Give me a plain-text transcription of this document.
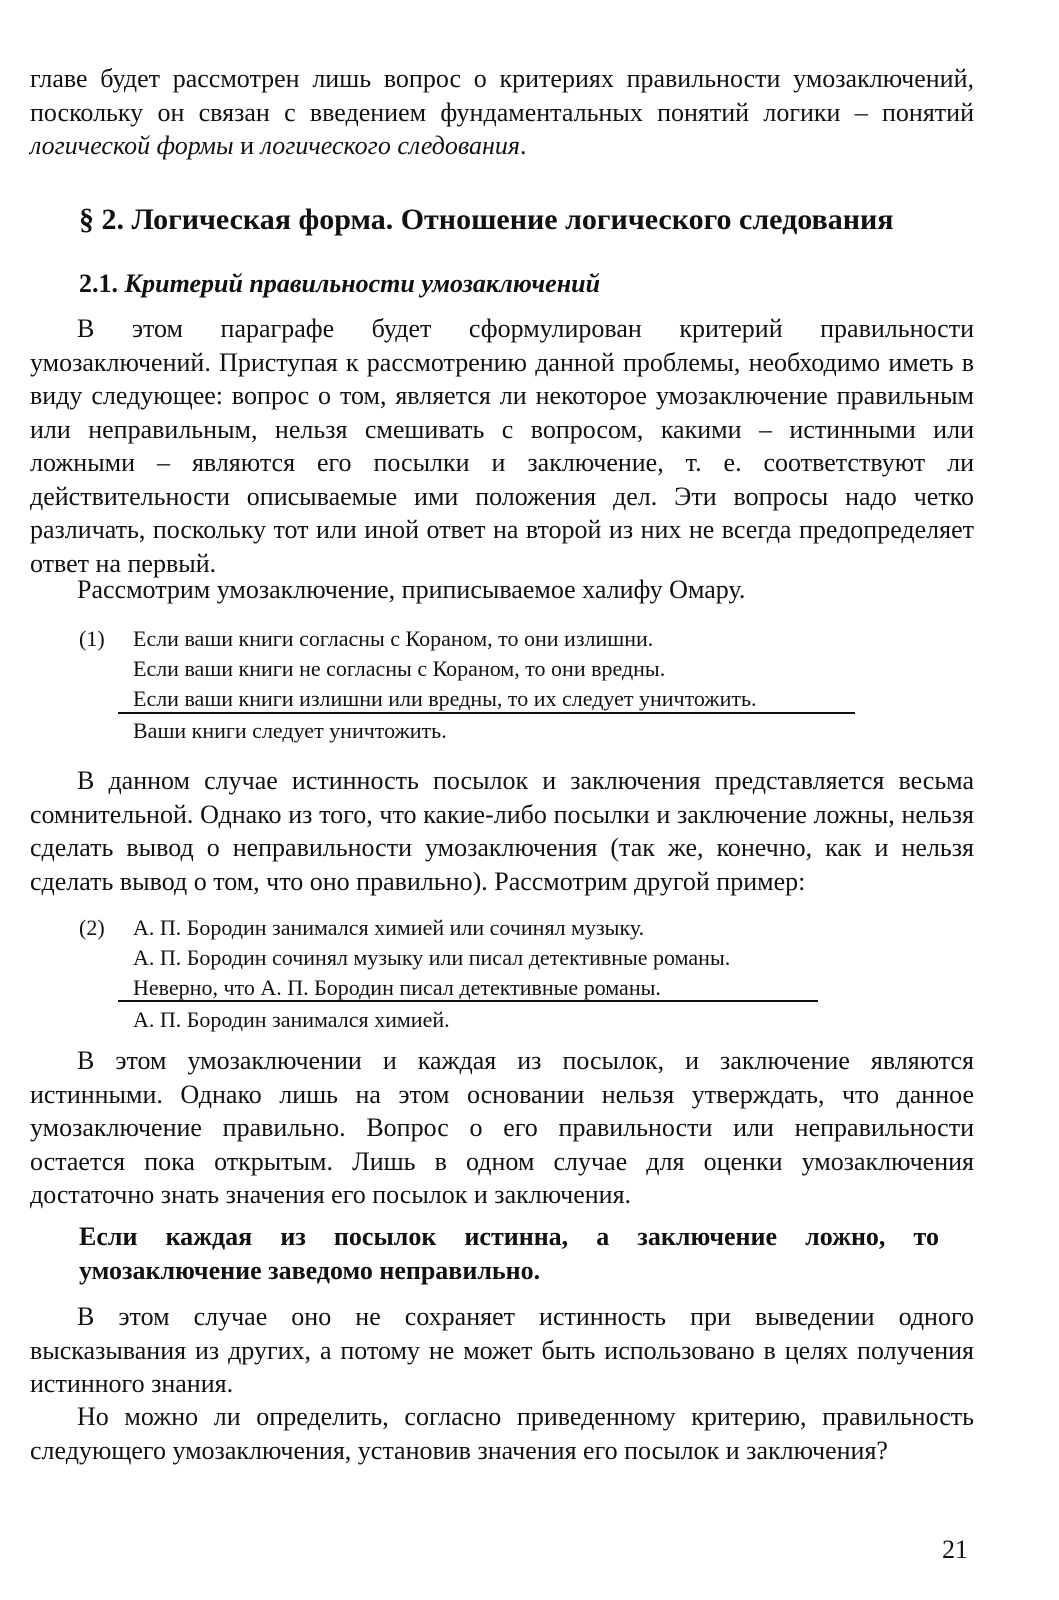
главе будет рассмотрен лишь вопрос о критериях правильности умозаключений, поскольку он связан с введением фундаментальных понятий логики – понятий логической формы и логического следования.
§ 2. Логическая форма. Отношение логического следования
2.1. Критерий правильности умозаключений
В этом параграфе будет сформулирован критерий правильности умозаключений. Приступая к рассмотрению данной проблемы, необходимо иметь в виду следующее: вопрос о том, является ли некоторое умозаключение правильным или неправильным, нельзя смешивать с вопросом, какими – истинными или ложными – являются его посылки и заключение, т. е. соответствуют ли действительности описываемые ими положения дел. Эти вопросы надо четко различать, поскольку тот или иной ответ на второй из них не всегда предопределяет ответ на первый.
Рассмотрим умозаключение, приписываемое халифу Омару.
(1) Если ваши книги согласны с Кораном, то они излишни.
Если ваши книги не согласны с Кораном, то они вредны.
Если ваши книги излишни или вредны, то их следует уничтожить.
Ваши книги следует уничтожить.
В данном случае истинность посылок и заключения представляется весьма сомнительной. Однако из того, что какие-либо посылки и заключение ложны, нельзя сделать вывод о неправильности умозаключения (так же, конечно, как и нельзя сделать вывод о том, что оно правильно). Рассмотрим другой пример:
(2) А. П. Бородин занимался химией или сочинял музыку.
А. П. Бородин сочинял музыку или писал детективные романы.
Неверно, что А. П. Бородин писал детективные романы.
А. П. Бородин занимался химией.
В этом умозаключении и каждая из посылок, и заключение являются истинными. Однако лишь на этом основании нельзя утверждать, что данное умозаключение правильно. Вопрос о его правильности или неправильности остается пока открытым. Лишь в одном случае для оценки умозаключения достаточно знать значения его посылок и заключения.
Если каждая из посылок истинна, а заключение ложно, то умозаключение заведомо неправильно.
В этом случае оно не сохраняет истинность при выведении одного высказывания из других, а потому не может быть использовано в целях получения истинного знания.
Но можно ли определить, согласно приведенному критерию, правильность следующего умозаключения, установив значения его посылок и заключения?
21
